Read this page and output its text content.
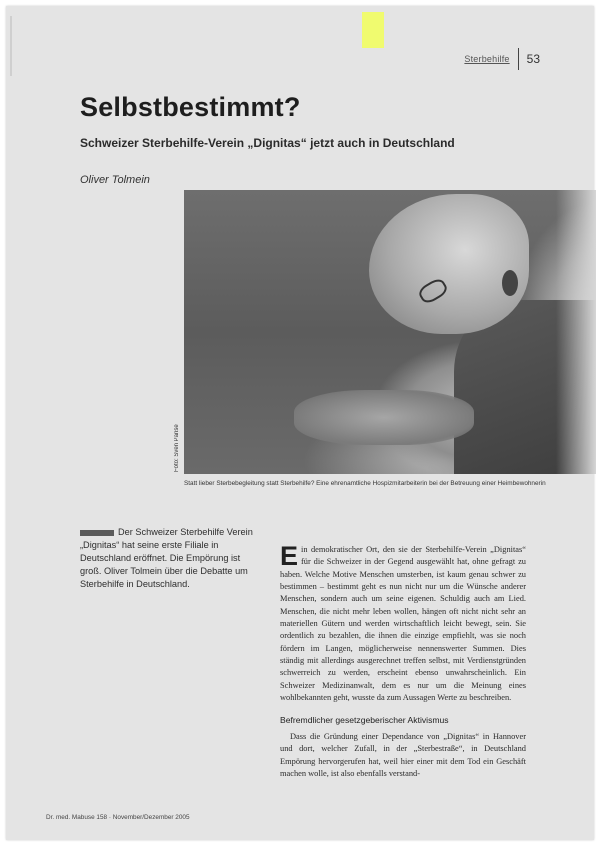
Sterbehilfe 53
Selbstbestimmt?
Schweizer Sterbehilfe-Verein „Dignitas“ jetzt auch in Deutschland
Oliver Tolmein
Foto: Sven Panse
Statt lieber Sterbebegleitung statt Sterbehilfe? Eine ehrenamtliche Hospizmitarbeiterin bei der Betreuung einer Heimbewohnerin
Der Schweizer Sterbehilfe Verein „Dignitas“ hat seine erste Filiale in Deutschland eröffnet. Die Empörung ist groß. Oliver Tolmein über die Debatte um Sterbehilfe in Deutschland.

Ein demokratischer Ort, den sie der Sterbehilfe-Verein „Dignitas“ für die Schweizer in der Gegend ausgewählt hat, ohne gefragt zu haben. Welche Motive Menschen umsterben, ist kaum genau schwer zu bestimmen – bestimmt geht es nun nicht nur um die Wünsche anderer Menschen, sondern auch um seine eigenen. Schuldig auch am Lied. Menschen, die nicht mehr leben wollen, hängen oft nicht nicht sehr an materiellen Gütern und werden wirtschaftlich leicht bewegt, sein. Sie ordentlich zu bezahlen, die ihnen die einzige empfiehlt, was sie noch fördern im Langen, möglicherweise nennenswerter Summen. Dies ständig mit allerdings ausgerechnet treffen selbst, mit Verdienstgründen schwerreich zu werden, erscheint ebenso unwahrscheinlich. Ein Schweizer Medizinanwalt, dem es nur um die Meinung eines wohlbekannten geht, wusste da zum Aussagen Werte zu beschreiben.

Befremdlicher gesetzgeberischer Aktivismus

Dass die Gründung einer Dependance von „Dignitas“ in Hannover und dort, welcher Zufall, in der „Sterbestraße“, in Deutschland Empörung hervorgerufen hat, weil hier einer mit dem Tod ein Geschäft machen wolle, ist also ebenfalls verstand-

Dr. med. Mabuse 158 · November/Dezember 2005
